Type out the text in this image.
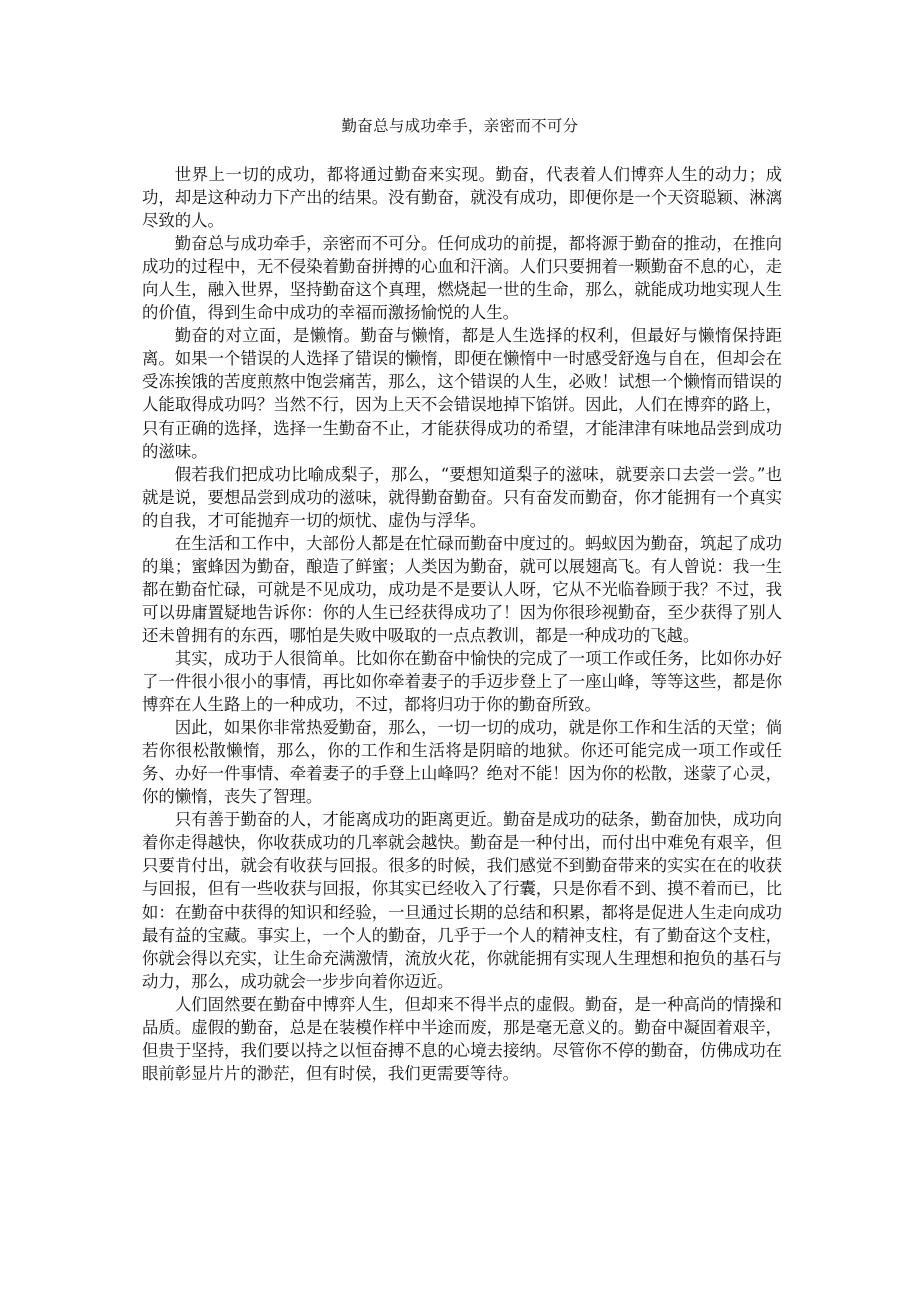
勤奋总与成功牵手，亲密而不可分

世界上一切的成功，都将通过勤奋来实现。勤奋，代表着人们博弈人生的动力；成功，却是这种动力下产出的结果。没有勤奋，就没有成功，即便你是一个天资聪颖、淋漓尽致的人。

勤奋总与成功牵手，亲密而不可分。任何成功的前提，都将源于勤奋的推动，在推向成功的过程中，无不侵染着勤奋拼搏的心血和汗滴。人们只要拥着一颗勤奋不息的心，走向人生，融入世界，坚持勤奋这个真理，燃烧起一世的生命，那么，就能成功地实现人生的价值，得到生命中成功的幸福而激扬愉悦的人生。

勤奋的对立面，是懒惰。勤奋与懒惰，都是人生选择的权利，但最好与懒惰保持距离。如果一个错误的人选择了错误的懒惰，即便在懒惰中一时感受舒逸与自在，但却会在受冻挨饿的苦度煎熬中饱尝痛苦，那么，这个错误的人生，必败！试想一个懒惰而错误的人能取得成功吗？当然不行，因为上天不会错误地掉下馅饼。因此，人们在博弈的路上，只有正确的选择，选择一生勤奋不止，才能获得成功的希望，才能津津有味地品尝到成功的滋味。

假若我们把成功比喻成梨子，那么，“要想知道梨子的滋味，就要亲口去尝一尝。”也就是说，要想品尝到成功的滋味，就得勤奋勤奋。只有奋发而勤奋，你才能拥有一个真实的自我，才可能抛弃一切的烦忧、虚伪与浮华。

在生活和工作中，大部份人都是在忙碌而勤奋中度过的。蚂蚁因为勤奋，筑起了成功的巢；蜜蜂因为勤奋，酿造了鲜蜜；人类因为勤奋，就可以展翅高飞。有人曾说：我一生都在勤奋忙碌，可就是不见成功，成功是不是要认人呀，它从不光临眷顾于我？不过，我可以毋庸置疑地告诉你：你的人生已经获得成功了！因为你很珍视勤奋，至少获得了别人还未曾拥有的东西，哪怕是失败中吸取的一点点教训，都是一种成功的飞越。

其实，成功于人很简单。比如你在勤奋中愉快的完成了一项工作或任务，比如你办好了一件很小很小的事情，再比如你牵着妻子的手迈步登上了一座山峰，等等这些，都是你博弈在人生路上的一种成功，不过，都将归功于你的勤奋所致。

因此，如果你非常热爱勤奋，那么，一切一切的成功，就是你工作和生活的天堂；倘若你很松散懒惰，那么，你的工作和生活将是阴暗的地狱。你还可能完成一项工作或任务、办好一件事情、牵着妻子的手登上山峰吗？绝对不能！因为你的松散，迷蒙了心灵，你的懒惰，丧失了智理。

只有善于勤奋的人，才能离成功的距离更近。勤奋是成功的砝条，勤奋加快，成功向着你走得越快，你收获成功的几率就会越快。勤奋是一种付出，而付出中难免有艰辛，但只要肯付出，就会有收获与回报。很多的时候，我们感觉不到勤奋带来的实实在在的收获与回报，但有一些收获与回报，你其实已经收入了行囊，只是你看不到、摸不着而已，比如：在勤奋中获得的知识和经验，一旦通过长期的总结和积累，都将是促进人生走向成功最有益的宝藏。事实上，一个人的勤奋，几乎于一个人的精神支柱，有了勤奋这个支柱，你就会得以充实，让生命充满激情，流放火花，你就能拥有实现人生理想和抱负的基石与动力，那么，成功就会一步步向着你迈近。

人们固然要在勤奋中博弈人生，但却来不得半点的虚假。勤奋，是一种高尚的情操和品质。虚假的勤奋，总是在装模作样中半途而废，那是毫无意义的。勤奋中凝固着艰辛，但贵于坚持，我们要以持之以恒奋搏不息的心境去接纳。尽管你不停的勤奋，仿佛成功在眼前彰显片片的渺茫，但有时侯，我们更需要等待。
